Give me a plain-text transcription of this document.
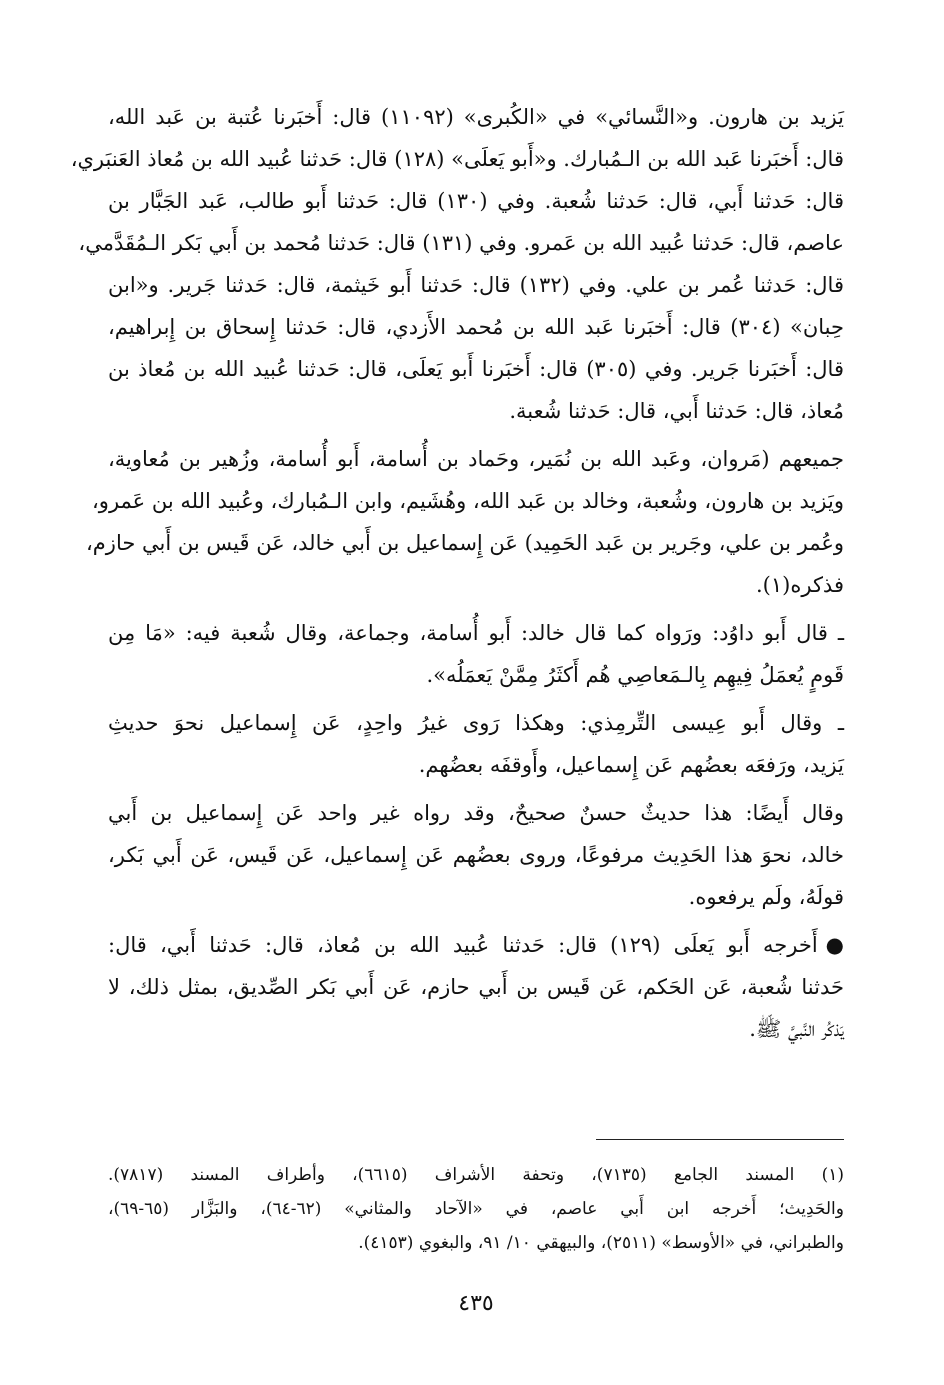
يَزيد بن هارون. و«النَّسائي» في «الكُبرى» (١١٠٩٢) قال: أَخبَرنا عُتبة بن عَبد الله،
قال: أَخبَرنا عَبد الله بن الـمُبارك. و«أَبو يَعلَى» (١٢٨) قال: حَدثنا عُبيد الله بن مُعاذ العَنبَري،
قال: حَدثنا أَبي، قال: حَدثنا شُعبة. وفي (١٣٠) قال: حَدثنا أَبو طالب، عَبد الجَبَّار بن
عاصم، قال: حَدثنا عُبيد الله بن عَمرو. وفي (١٣١) قال: حَدثنا مُحمد بن أَبي بَكر الـمُقَدَّمي،
قال: حَدثنا عُمر بن علي. وفي (١٣٢) قال: حَدثنا أَبو خَيثمة، قال: حَدثنا جَرير. و«ابن
حِبان» (٣٠٤) قال: أَخبَرنا عَبد الله بن مُحمد الأَزدي، قال: حَدثنا إِسحاق بن إِبراهيم،
قال: أَخبَرنا جَرير. وفي (٣٠٥) قال: أَخبَرنا أَبو يَعلَى، قال: حَدثنا عُبيد الله بن مُعاذ بن
مُعاذ، قال: حَدثنا أَبي، قال: حَدثنا شُعبة.
جميعهم (مَروان، وعَبد الله بن نُمَير، وحَماد بن أُسامة، أَبو أُسامة، وزُهير بن مُعاوية،
ويَزيد بن هارون، وشُعبة، وخالد بن عَبد الله، وهُشَيم، وابن الـمُبارك، وعُبيد الله بن عَمرو،
وعُمر بن علي، وجَرير بن عَبد الحَمِيد) عَن إِسماعيل بن أَبي خالد، عَن قَيس بن أَبي حازم،
فذكره(١).
ـ قال أَبو داوُد: ورَواه كما قال خالد: أَبو أُسامة، وجماعة، وقال شُعبة فيه: «مَا مِن
قَومٍ يُعمَلُ فِيهِم بِالـمَعاصِي هُم أَكثَرُ مِمَّنْ يَعمَلُه».
ـ وقال أَبو عِيسى التِّرمِذي: وهكذا رَوى غيرُ واحِدٍ، عَن إِسماعيل نحوَ حديثِ
يَزيد، ورَفعَه بعضُهم عَن إِسماعيل، وأَوقفَه بعضُهم.
وقال أَيضًا: هذا حديثٌ حسنٌ صحيحٌ، وقد رواه غير واحد عَن إِسماعيل بن أَبي
خالد، نحوَ هذا الحَدِيث مرفوعًا، وروى بعضُهم عَن إِسماعيل، عَن قَيس، عَن أَبي بَكر،
قولَهُ، ولَم يرفعوه.
●أَخرجه أَبو يَعلَى (١٢٩) قال: حَدثنا عُبيد الله بن مُعاذ، قال: حَدثنا أَبي، قال:
حَدثنا شُعبة، عَن الحَكم، عَن قَيس بن أَبي حازم، عَن أَبي بَكر الصِّديق، بمثل ذلك، لا
يَذكُر النَّبيَّ ﷺ.
(١) المسند الجامع (٧١٣٥)، وتحفة الأشراف (٦٦١٥)، وأطراف المسند (٧٨١٧).
والحَدِيث؛ أَخرجه ابن أَبي عاصم، في «الآحاد والمثاني» (٦٢-٦٤)، والبَزَّار (٦٥-٦٩)،
والطبراني، في «الأوسط» (٢٥١١)، والبيهقي ١٠/ ٩١، والبغوي (٤١٥٣).
٤٣٥
